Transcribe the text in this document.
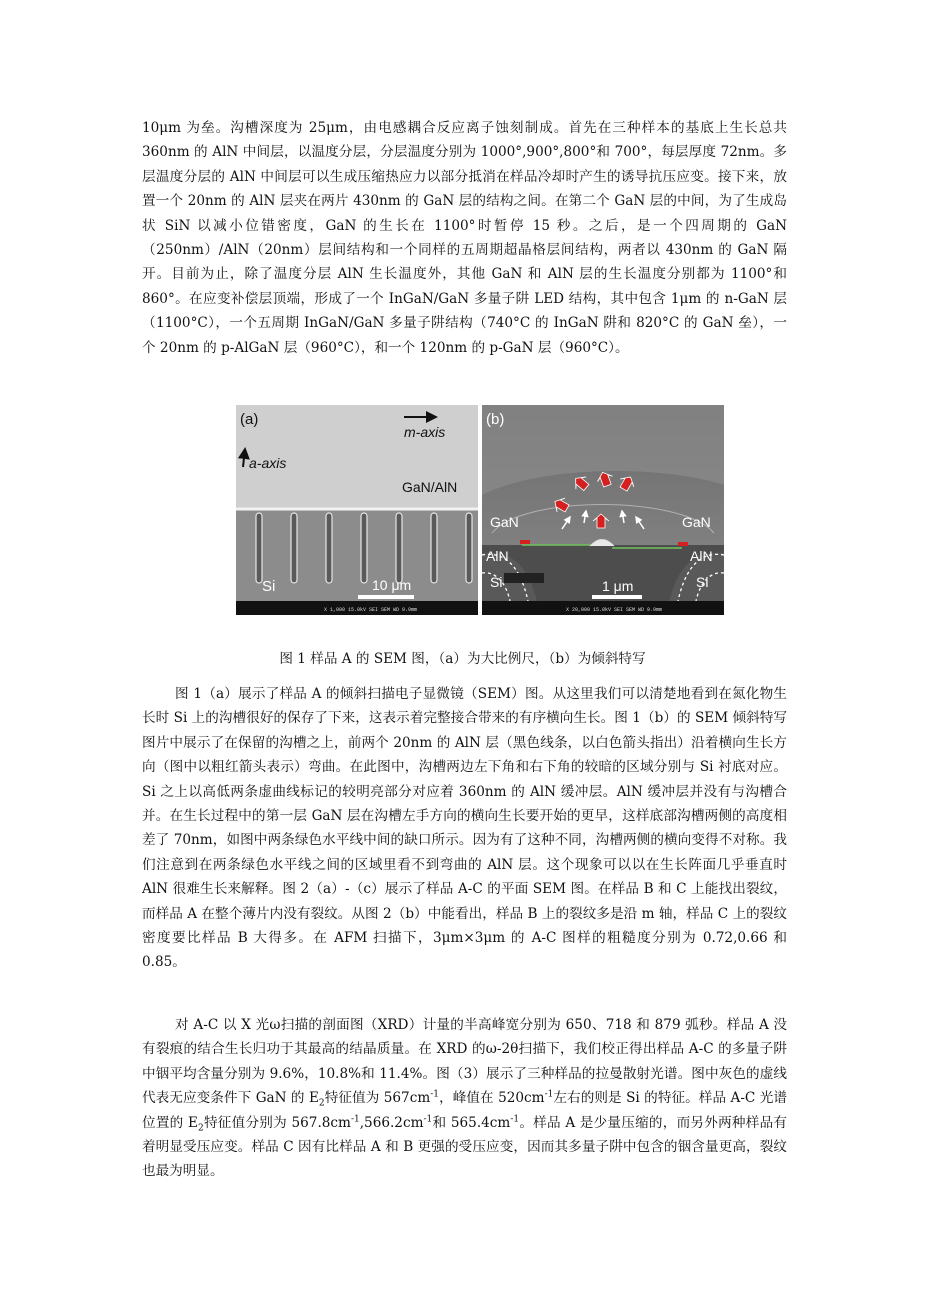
10μm 为垒。沟槽深度为 25μm，由电感耦合反应离子蚀刻制成。首先在三种样本的基底上生长总共 360nm 的 AlN 中间层，以温度分层，分层温度分别为 1000°,900°,800°和 700°，每层厚度 72nm。多层温度分层的 AlN 中间层可以生成压缩热应力以部分抵消在样品冷却时产生的诱导抗压应变。接下来，放置一个 20nm 的 AlN 层夹在两片 430nm 的 GaN 层的结构之间。在第二个 GaN 层的中间，为了生成岛状 SiN 以减小位错密度，GaN 的生长在 1100°时暂停 15 秒。之后，是一个四周期的 GaN（250nm）/AlN（20nm）层间结构和一个同样的五周期超晶格层间结构，两者以 430nm 的 GaN 隔开。目前为止，除了温度分层 AlN 生长温度外，其他 GaN 和 AlN 层的生长温度分别都为 1100°和 860°。在应变补偿层顶端，形成了一个 InGaN/GaN 多量子阱 LED 结构，其中包含 1μm 的 n-GaN 层（1100°C），一个五周期 InGaN/GaN 多量子阱结构（740°C 的 InGaN 阱和 820°C 的 GaN 垒），一个 20nm 的 p-AlGaN 层（960°C），和一个 120nm 的 p-GaN 层（960°C）。

(a)
m-axis
a-axis
GaN/AlN
Si	10 μm
X 1,000 15.0kV SEI SEM WD 9.9mm
(b)
GaN	GaN
AlN	AlN
Si	Si
1 μm
X 20,000 15.0kV SEI SEM WD 9.9mm
图 1 样品 A 的 SEM 图，（a）为大比例尺，（b）为倾斜特写

图 1（a）展示了样品 A 的倾斜扫描电子显微镜（SEM）图。从这里我们可以清楚地看到在氮化物生长时 Si 上的沟槽很好的保存了下来，这表示着完整接合带来的有序横向生长。图 1（b）的 SEM 倾斜特写图片中展示了在保留的沟槽之上，前两个 20nm 的 AlN 层（黑色线条，以白色箭头指出）沿着横向生长方向（图中以粗红箭头表示）弯曲。在此图中，沟槽两边左下角和右下角的较暗的区域分别与 Si 衬底对应。Si 之上以高低两条虚曲线标记的较明亮部分对应着 360nm 的 AlN 缓冲层。AlN 缓冲层并没有与沟槽合并。在生长过程中的第一层 GaN 层在沟槽左手方向的横向生长要开始的更早，这样底部沟槽两侧的高度相差了 70nm，如图中两条绿色水平线中间的缺口所示。因为有了这种不同，沟槽两侧的横向变得不对称。我们注意到在两条绿色水平线之间的区域里看不到弯曲的 AlN 层。这个现象可以以在生长阵面几乎垂直时 AlN 很难生长来解释。图 2（a）-（c）展示了样品 A-C 的平面 SEM 图。在样品 B 和 C 上能找出裂纹，而样品 A 在整个薄片内没有裂纹。从图 2（b）中能看出，样品 B 上的裂纹多是沿 m 轴，样品 C 上的裂纹密度要比样品 B 大得多。在 AFM 扫描下，3μm×3μm 的 A-C 图样的粗糙度分别为 0.72,0.66 和 0.85。

对 A-C 以 X 光ω扫描的剖面图（XRD）计量的半高峰宽分别为 650、718 和 879 弧秒。样品 A 没有裂痕的结合生长归功于其最高的结晶质量。在 XRD 的ω-2θ扫描下，我们校正得出样品 A-C 的多量子阱中铟平均含量分别为 9.6%，10.8%和 11.4%。图（3）展示了三种样品的拉曼散射光谱。图中灰色的虚线代表无应变条件下 GaN 的 $E_2$特征值为 $567cm^{-1}$，峰值在 $520cm^{-1}$左右的则是 Si 的特征。样品 A-C 光谱位置的 $E_2$特征值分别为 $567.8cm^{-1},566.2cm^{-1}$和 $565.4cm^{-1}$。样品 A 是少量压缩的，而另外两种样品有着明显受压应变。样品 C 因有比样品 A 和 B 更强的受压应变，因而其多量子阱中包含的铟含量更高，裂纹也最为明显。
